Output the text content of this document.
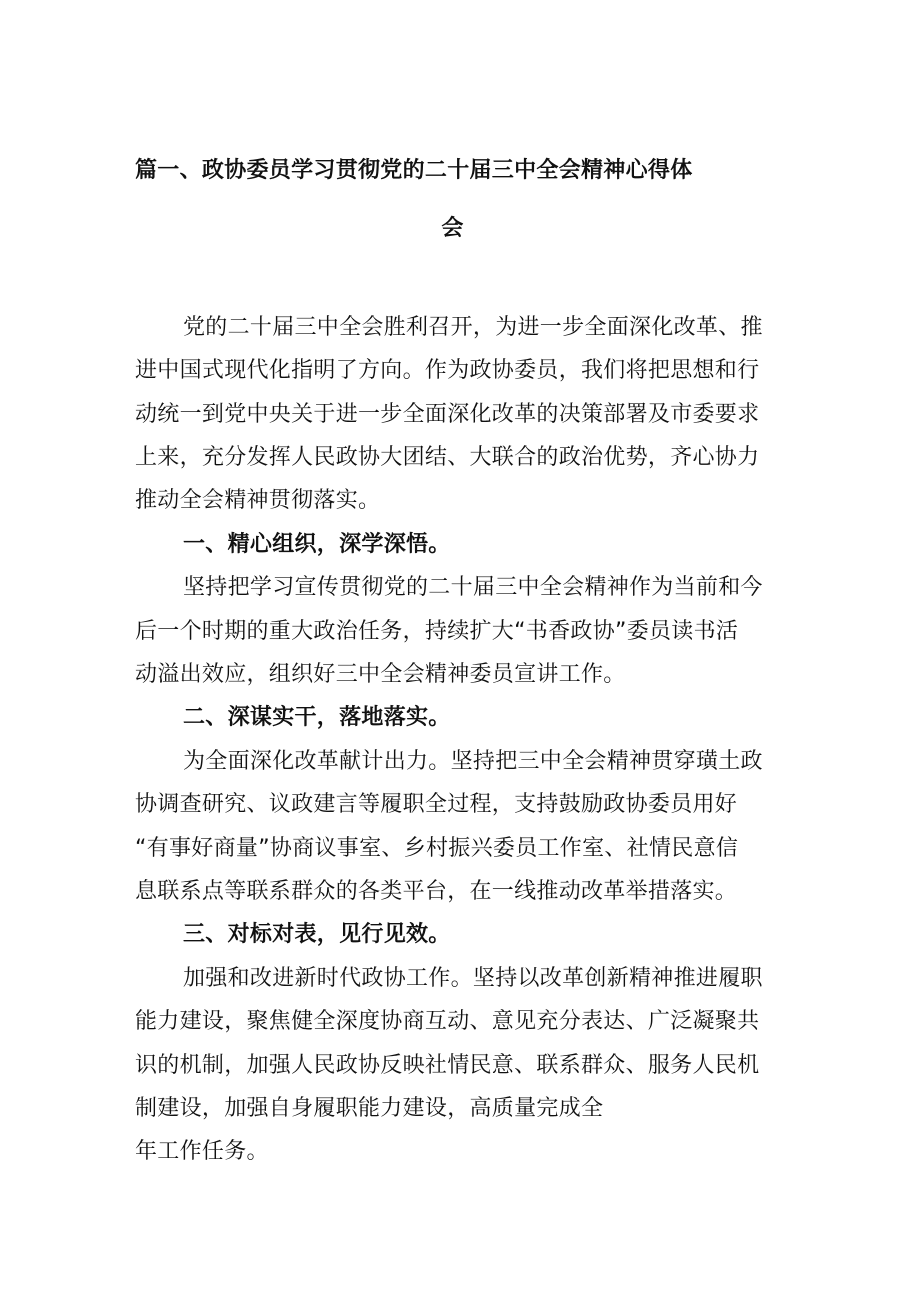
篇一、政协委员学习贯彻党的二十届三中全会精神心得体
会
党的二十届三中全会胜利召开，为进一步全面深化改革、推
进中国式现代化指明了方向。作为政协委员，我们将把思想和行
动统一到党中央关于进一步全面深化改革的决策部署及市委要求
上来，充分发挥人民政协大团结、大联合的政治优势，齐心协力
推动全会精神贯彻落实。
一、精心组织，深学深悟。
坚持把学习宣传贯彻党的二十届三中全会精神作为当前和今
后一个时期的重大政治任务，持续扩大“书香政协”委员读书活
动溢出效应，组织好三中全会精神委员宣讲工作。
二、深谋实干，落地落实。
为全面深化改革献计出力。坚持把三中全会精神贯穿璜土政
协调查研究、议政建言等履职全过程，支持鼓励政协委员用好
“有事好商量”协商议事室、乡村振兴委员工作室、社情民意信
息联系点等联系群众的各类平台，在一线推动改革举措落实。
三、对标对表，见行见效。
加强和改进新时代政协工作。坚持以改革创新精神推进履职
能力建设，聚焦健全深度协商互动、意见充分表达、广泛凝聚共
识的机制，加强人民政协反映社情民意、联系群众、服务人民机
制建设，加强自身履职能力建设，高质量完成全
年工作任务。
